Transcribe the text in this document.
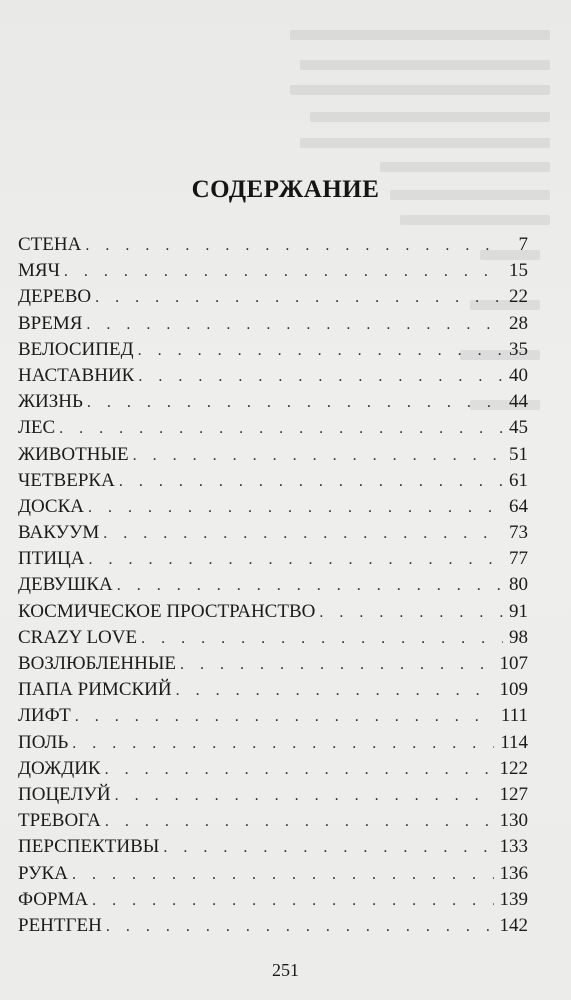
СОДЕРЖАНИЕ
СТЕНА . . .	7
МЯЧ . . .	15
ДЕРЕВО . . .	22
ВРЕМЯ . . .	28
ВЕЛОСИПЕД . . .	35
НАСТАВНИК . . .	40
ЖИЗНЬ . . .	44
ЛЕС . . .	45
ЖИВОТНЫЕ . . .	51
ЧЕТВЕРКА . . .	61
ДОСКА . . .	64
ВАКУУМ . . .	73
ПТИЦА . . .	77
ДЕВУШКА . . .	80
КОСМИЧЕСКОЕ ПРОСТРАНСТВО . . .	91
CRAZY LOVE . . .	98
ВОЗЛЮБЛЕННЫЕ . . .	107
ПАПА РИМСКИЙ . . .	109
ЛИФТ . . .	111
ПОЛЬ . . .	114
ДОЖДИК . . .	122
ПОЦЕЛУЙ . . .	127
ТРЕВОГА . . .	130
ПЕРСПЕКТИВЫ . . .	133
РУКА . . .	136
ФОРМА . . .	139
РЕНТГЕН . . .	142
251
